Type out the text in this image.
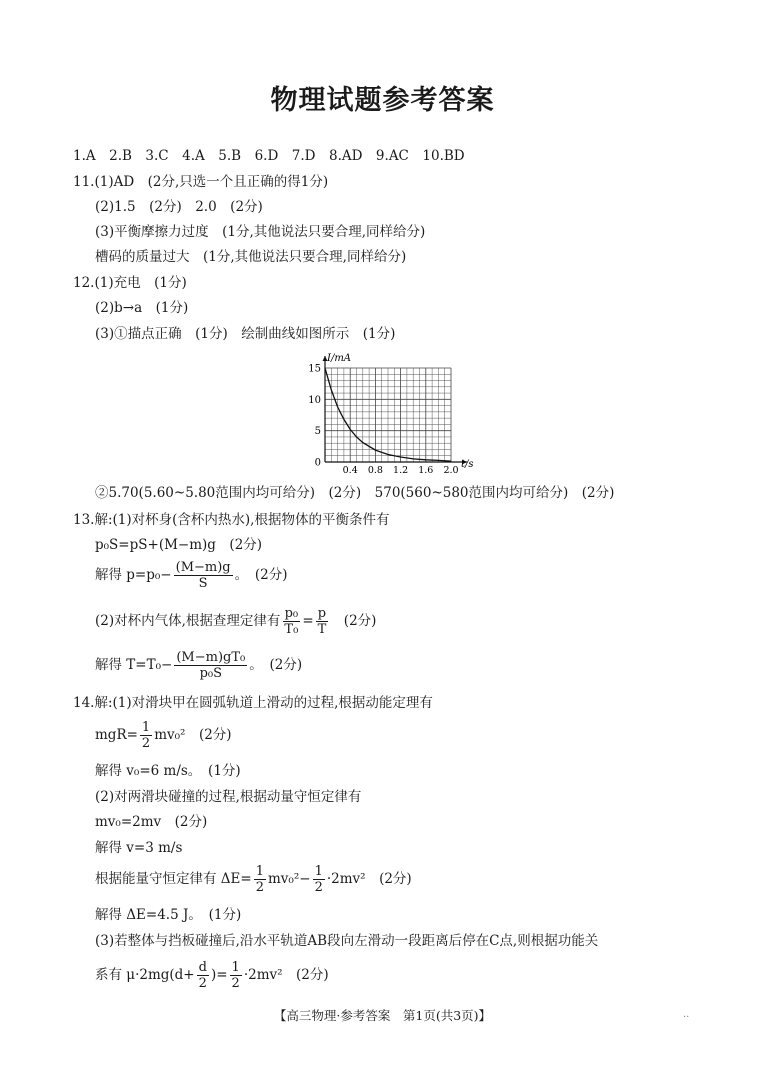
物理试题参考答案
1.A　2.B　3.C　4.A　5.B　6.D　7.D　8.AD　9.AC　10.BD
11.(1)AD　(2分,只选一个且正确的得1分)
(2)1.5　(2分)　2.0　(2分)
(3)平衡摩擦力过度　(1分,其他说法只要合理,同样给分)
槽码的质量过大　(1分,其他说法只要合理,同样给分)
12.(1)充电　(1分)
(2)b→a　(1分)
(3)①描点正确　(1分)　绘制曲线如图所示　(1分)
0
5
10
15
0.4 0.8 1.2 1.6 2.0
I/mA
t/s
②5.70(5.60~5.80范围内均可给分)　(2分)　570(560~580范围内均可给分)　(2分)
13.解:(1)对杯身(含杯内热水),根据物体的平衡条件有
p₀S=pS+(M−m)g　(2分)
解得 $p=p_0- \frac{(M-m)g}{S}$ 。　(2分)
(2)对杯内气体,根据查理定律有 $\frac{\text{p₀}}{\text{T₀}} = \frac{p}{T}$ 　(2分)
解得 $T=T_0- \frac{\text{(M−m)gT₀}}{\text{p₀S}}$ 。　(2分)
14.解:(1)对滑块甲在圆弧轨道上滑动的过程,根据动能定理有
$mgR= \frac{1}{2} mv_0^2$　(2分)
解得 v₀=6 m/s。　(1分)
(2)对两滑块碰撞的过程,根据动量守恒定律有
mv₀=2mv　(2分)
解得 v=3 m/s
根据能量守恒定律有 $\Delta E= \frac{1}{2} mv_0^2- \frac{1}{2} \cdot 2mv^2$　(2分)
解得 ΔE=4.5 J。　(1分)
(3)若整体与挡板碰撞后,沿水平轨道AB段向左滑动一段距离后停在C点,则根据功能关
系有 $\mu\cdot 2mg(d+ \frac{d}{2}$ )= $\frac{1}{2} \cdot 2mv^2$　(2分)
【高三物理·参考答案　第1页(共3页)】	··
